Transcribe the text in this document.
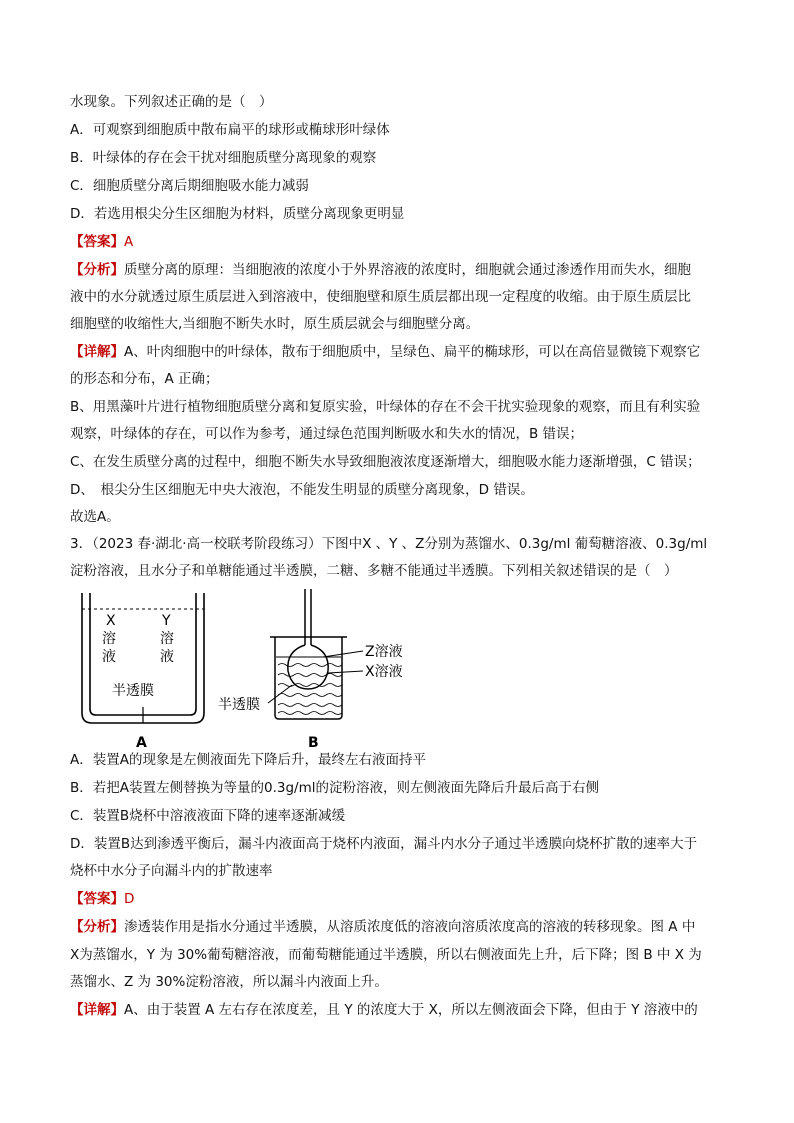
水现象。下列叙述正确的是（　）
A．可观察到细胞质中散布扁平的球形或椭球形叶绿体
B．叶绿体的存在会干扰对细胞质壁分离现象的观察
C．细胞质壁分离后期细胞吸水能力减弱
D．若选用根尖分生区细胞为材料，质壁分离现象更明显
【答案】A
【分析】质壁分离的原理：当细胞液的浓度小于外界溶液的浓度时，细胞就会通过渗透作用而失水，细胞
液中的水分就透过原生质层进入到溶液中，使细胞壁和原生质层都出现一定程度的收缩。由于原生质层比
细胞壁的收缩性大,当细胞不断失水时，原生质层就会与细胞壁分离。
【详解】A、叶肉细胞中的叶绿体，散布于细胞质中，呈绿色、扁平的椭球形，可以在高倍显微镜下观察它
的形态和分布，A 正确；
B、用黑藻叶片进行植物细胞质壁分离和复原实验，叶绿体的存在不会干扰实验现象的观察，而且有利实验
观察，叶绿体的存在，可以作为参考，通过绿色范围判断吸水和失水的情况，B 错误；
C、在发生质壁分离的过程中，细胞不断失水导致细胞液浓度逐渐增大，细胞吸水能力逐渐增强，C 错误；
D、　根尖分生区细胞无中央大液泡，不能发生明显的质壁分离现象，D 错误。
故选A。
3．（2023 春·湖北·高一校联考阶段练习）下图中X 、Y 、Z分别为蒸馏水、0.3g/ml 葡萄糖溶液、0.3g/ml
淀粉溶液，且水分子和单糖能通过半透膜，二糖、多糖不能通过半透膜。下列相关叙述错误的是（　）
X
溶
液
Y
溶
液
半透膜
A
Z溶液
X溶液
半透膜
B
A．装置A的现象是左侧液面先下降后升，最终左右液面持平
B．若把A装置左侧替换为等量的0.3g/ml的淀粉溶液，则左侧液面先降后升最后高于右侧
C．装置B烧杯中溶液液面下降的速率逐渐减缓
D．装置B达到渗透平衡后，漏斗内液面高于烧杯内液面，漏斗内水分子通过半透膜向烧杯扩散的速率大于
烧杯中水分子向漏斗内的扩散速率
【答案】D
【分析】渗透装作用是指水分通过半透膜，从溶质浓度低的溶液向溶质浓度高的溶液的转移现象。图 A 中
X为蒸馏水，Y 为 30%葡萄糖溶液，而葡萄糖能通过半透膜，所以右侧液面先上升，后下降；图 B 中 X 为
蒸馏水、Z 为 30%淀粉溶液，所以漏斗内液面上升。
【详解】A、由于装置 A 左右存在浓度差，且 Y 的浓度大于 X，所以左侧液面会下降，但由于 Y 溶液中的
